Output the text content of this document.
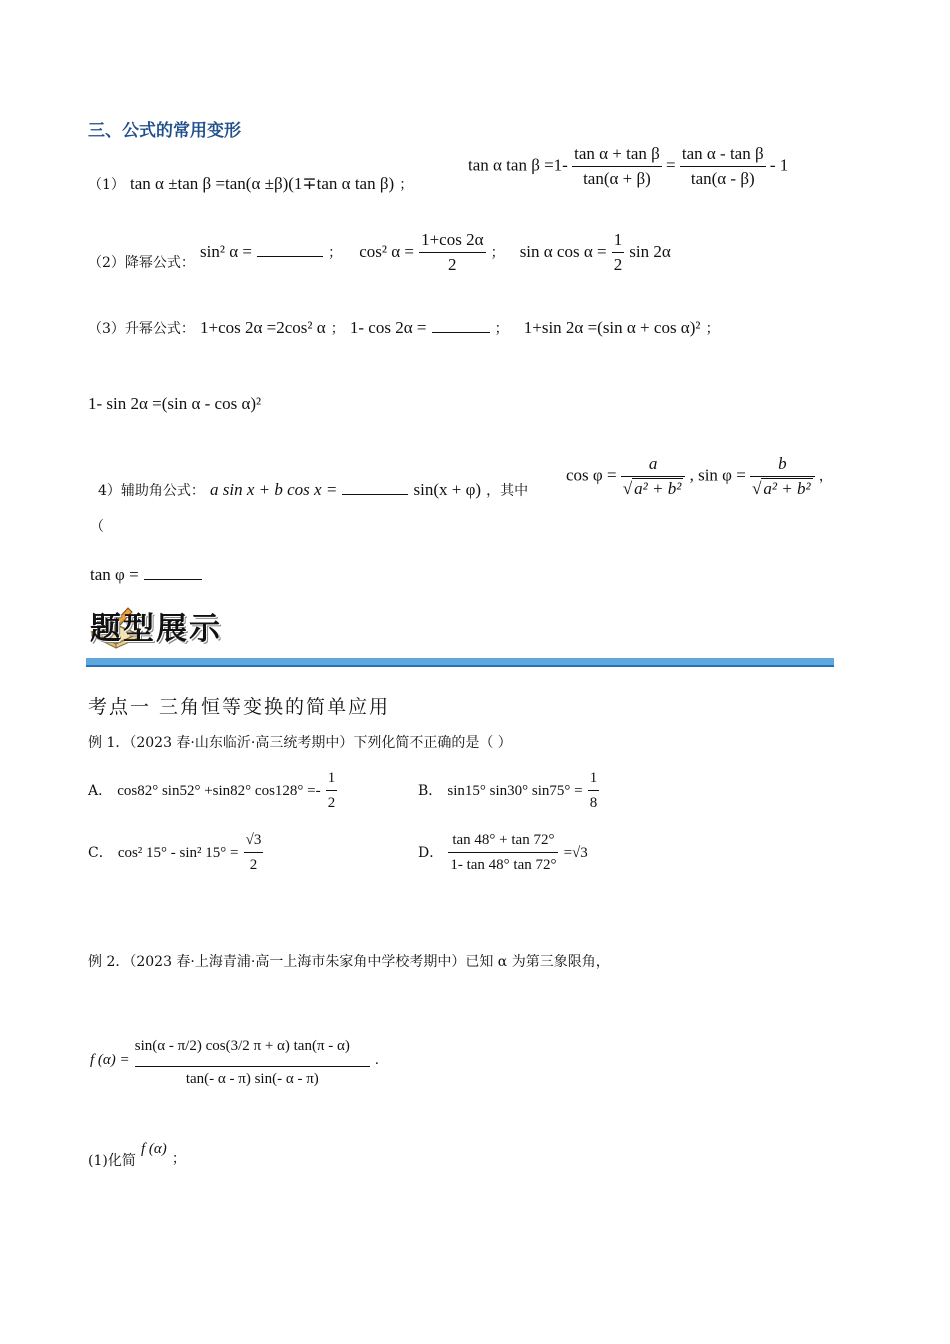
三、公式的常用变形
（1） tan α ±tan β =tan(α ±β)(1∓tan α tan β) ；
tan α $\tan \beta =1- \frac{\text{tan α + tan β}}{\tan(\alpha + \beta)} = \frac{\text{tan α - tan β}}{\tan(\alpha - \beta)} - 1$
（2）降幂公式： sin² α =	； cos² $\alpha = \frac{1+\cos 2\alpha}{2}$ ； sin α $\cos \alpha = \frac{1}{2}$ sin 2α
（3）升幂公式： 1+cos 2α =2cos² α ； 1- cos 2α =	； 1+sin 2α =(sin α + cos α)² ；
1- sin 2α =(sin α - cos α)²
4）辅助角公式： a sin x + b cos x =	sin(x + φ) ，其中
$\cos \varphi = \frac{a}{\text{√ a² + b²}}$ , $\sin \varphi = \frac{b}{\text{√ a² + b²}}$ ，
（
tan φ =
题型展示
考点一 三角恒等变换的简单应用
例 1．（2023 春·山东临沂·高三统考期中）下列化简不正确的是（ ）
A． cos82° sin52° +sin82° $\cos 128^\circ =- \frac{1}{2}$	B． sin15° sin30° $\sin 75^\circ = \frac{1}{8}$
C． cos² 15° - sin² $15^\circ = \frac{√3}{2}$	D． $\frac{\tan 48^\circ + \tan 72^\circ}{1- \tan 48^\circ \tan 72^\circ} =√3$
例 2．（2023 春·上海青浦·高一上海市朱家角中学校考期中）已知 α 为第三象限角，
f $(\alpha) = \frac{\sin(\alpha - \pi/2) \cos(3/2 \pi + \alpha) \tan(\pi - \alpha)}{\tan(- \alpha - \pi) \sin(- \alpha - \pi)}$ .
(1)化简 f (α) ；
